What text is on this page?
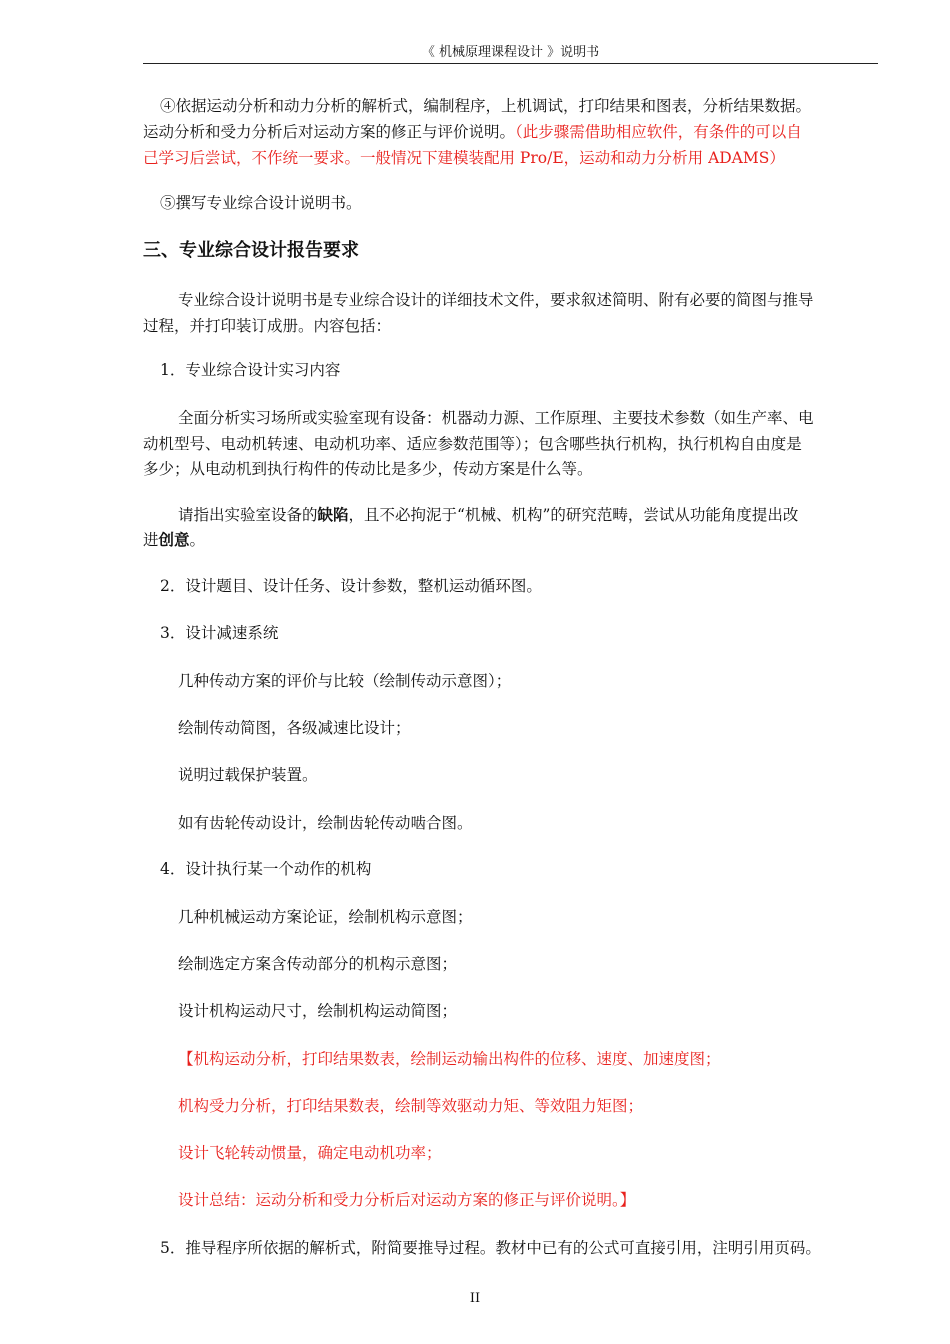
《 机械原理课程设计 》说明书
④依据运动分析和动力分析的解析式，编制程序，上机调试，打印结果和图表，分析结果数据。
运动分析和受力分析后对运动方案的修正与评价说明。（此步骤需借助相应软件，有条件的可以自
己学习后尝试，不作统一要求。一般情况下建模装配用 Pro/E，运动和动力分析用 ADAMS）
⑤撰写专业综合设计说明书。
三、专业综合设计报告要求
专业综合设计说明书是专业综合设计的详细技术文件，要求叙述简明、附有必要的简图与推导
过程，并打印装订成册。内容包括：
1．专业综合设计实习内容
全面分析实习场所或实验室现有设备：机器动力源、工作原理、主要技术参数（如生产率、电
动机型号、电动机转速、电动机功率、适应参数范围等）；包含哪些执行机构，执行机构自由度是
多少；从电动机到执行构件的传动比是多少，传动方案是什么等。
请指出实验室设备的缺陷，且不必拘泥于“机械、机构”的研究范畴，尝试从功能角度提出改
进创意。
2．设计题目、设计任务、设计参数，整机运动循环图。
3．设计减速系统
几种传动方案的评价与比较（绘制传动示意图）；
绘制传动简图，各级减速比设计；
说明过载保护装置。
如有齿轮传动设计，绘制齿轮传动啮合图。
4．设计执行某一个动作的机构
几种机械运动方案论证，绘制机构示意图；
绘制选定方案含传动部分的机构示意图；
设计机构运动尺寸，绘制机构运动简图；
【机构运动分析，打印结果数表，绘制运动输出构件的位移、速度、加速度图；
机构受力分析，打印结果数表，绘制等效驱动力矩、等效阻力矩图；
设计飞轮转动惯量，确定电动机功率；
设计总结：运动分析和受力分析后对运动方案的修正与评价说明。】
5．推导程序所依据的解析式，附简要推导过程。教材中已有的公式可直接引用，注明引用页码。
II
